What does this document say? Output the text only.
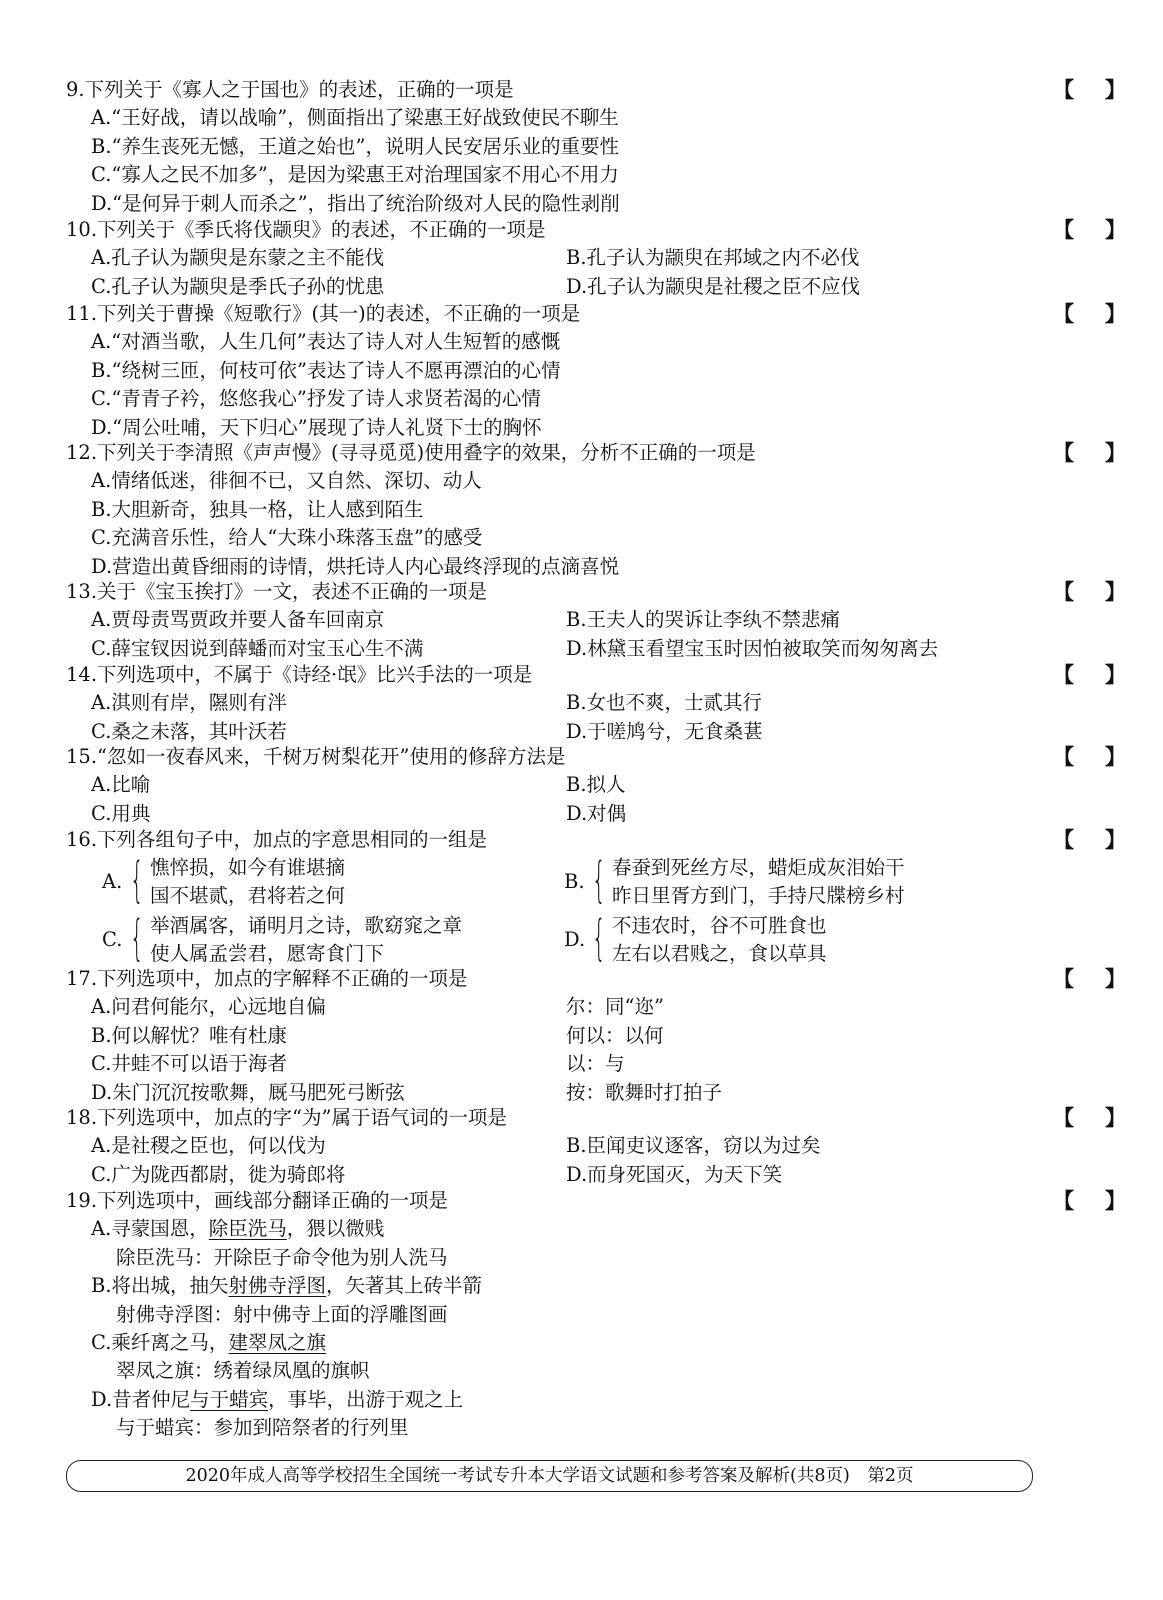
9.下列关于《寡人之于国也》的表述，正确的一项是	【 】
A.“王好战，请以战喻”，侧面指出了梁惠王好战致使民不聊生
B.“养生丧死无憾，王道之始也”，说明人民安居乐业的重要性
C.“寡人之民不加多”，是因为梁惠王对治理国家不用心不用力
D.“是何异于刺人而杀之”，指出了统治阶级对人民的隐性剥削
10.下列关于《季氏将伐颛臾》的表述，不正确的一项是	【 】
A.孔子认为颛臾是东蒙之主不能伐	B.孔子认为颛臾在邦域之内不必伐
C.孔子认为颛臾是季氏子孙的忧患	D.孔子认为颛臾是社稷之臣不应伐
11.下列关于曹操《短歌行》(其一)的表述，不正确的一项是	【 】
A.“对酒当歌，人生几何”表达了诗人对人生短暂的感慨
B.“绕树三匝，何枝可依”表达了诗人不愿再漂泊的心情
C.“青青子衿，悠悠我心”抒发了诗人求贤若渴的心情
D.“周公吐哺，天下归心”展现了诗人礼贤下士的胸怀
12.下列关于李清照《声声慢》(寻寻觅觅)使用叠字的效果，分析不正确的一项是	【 】
A.情绪低迷，徘徊不已，又自然、深切、动人
B.大胆新奇，独具一格，让人感到陌生
C.充满音乐性，给人“大珠小珠落玉盘”的感受
D.营造出黄昏细雨的诗情，烘托诗人内心最终浮现的点滴喜悦
13.关于《宝玉挨打》一文，表述不正确的一项是	【 】
A.贾母责骂贾政并要人备车回南京	B.王夫人的哭诉让李纨不禁悲痛
C.薛宝钗因说到薛蟠而对宝玉心生不满	D.林黛玉看望宝玉时因怕被取笑而匆匆离去
14.下列选项中，不属于《诗经·氓》比兴手法的一项是	【 】
A.淇则有岸，隰则有泮	B.女也不爽，士贰其行
C.桑之未落，其叶沃若	D.于嗟鸠兮，无食桑葚
15.“忽如一夜春风来，千树万树梨花开”使用的修辞方法是	【 】
A.比喻	B.拟人
C.用典	D.对偶
16.下列各组句子中，加点的字意思相同的一组是	【 】
A. { 憔悴损，如今有谁堪摘
国不堪贰，君将若之何
B. { 春蚕到死丝方尽，蜡炬成灰泪始干
昨日里胥方到门，手持尺牒榜乡村
C. { 举酒属客，诵明月之诗，歌窈窕之章
使人属孟尝君，愿寄食门下
D. { 不违农时，谷不可胜食也
左右以君贱之，食以草具
17.下列选项中，加点的字解释不正确的一项是	【 】
A.问君何能尔，心远地自偏	尔：同“迩”
B.何以解忧？唯有杜康	何以：以何
C.井蛙不可以语于海者	以：与
D.朱门沉沉按歌舞，厩马肥死弓断弦	按：歌舞时打拍子
18.下列选项中，加点的字“为”属于语气词的一项是	【 】
A.是社稷之臣也，何以伐为	B.臣闻吏议逐客，窃以为过矣
C.广为陇西都尉，徙为骑郎将	D.而身死国灭，为天下笑
19.下列选项中，画线部分翻译正确的一项是	【 】
A.寻蒙国恩，除臣洗马，猥以微贱
除臣洗马：开除臣子命令他为别人洗马
B.将出城，抽矢射佛寺浮图，矢著其上砖半箭
射佛寺浮图：射中佛寺上面的浮雕图画
C.乘纤离之马，建翠凤之旗
翠凤之旗：绣着绿凤凰的旗帜
D.昔者仲尼与于蜡宾，事毕，出游于观之上
与于蜡宾：参加到陪祭者的行列里
2020年成人高等学校招生全国统一考试专升本大学语文试题和参考答案及解析(共8页)　第2页
